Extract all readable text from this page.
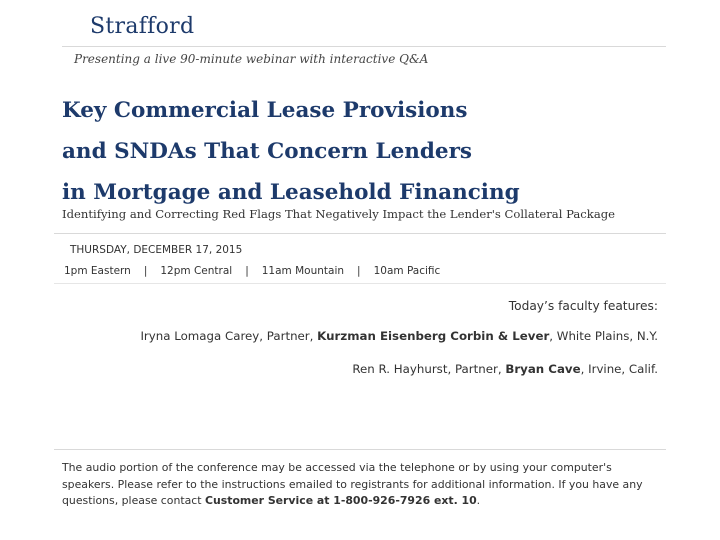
Strafford
Presenting a live 90-minute webinar with interactive Q&A
Key Commercial Lease Provisions
and SNDAs That Concern Lenders
in Mortgage and Leasehold Financing
Identifying and Correcting Red Flags That Negatively Impact the Lender's Collateral Package
THURSDAY, DECEMBER 17, 2015
1pm Eastern | 12pm Central | 11am Mountain | 10am Pacific
Today’s faculty features:
Iryna Lomaga Carey, Partner, Kurzman Eisenberg Corbin & Lever, White Plains, N.Y.
Ren R. Hayhurst, Partner, Bryan Cave, Irvine, Calif.
The audio portion of the conference may be accessed via the telephone or by using your computer's speakers. Please refer to the instructions emailed to registrants for additional information. If you have any questions, please contact Customer Service at 1-800-926-7926 ext. 10.
